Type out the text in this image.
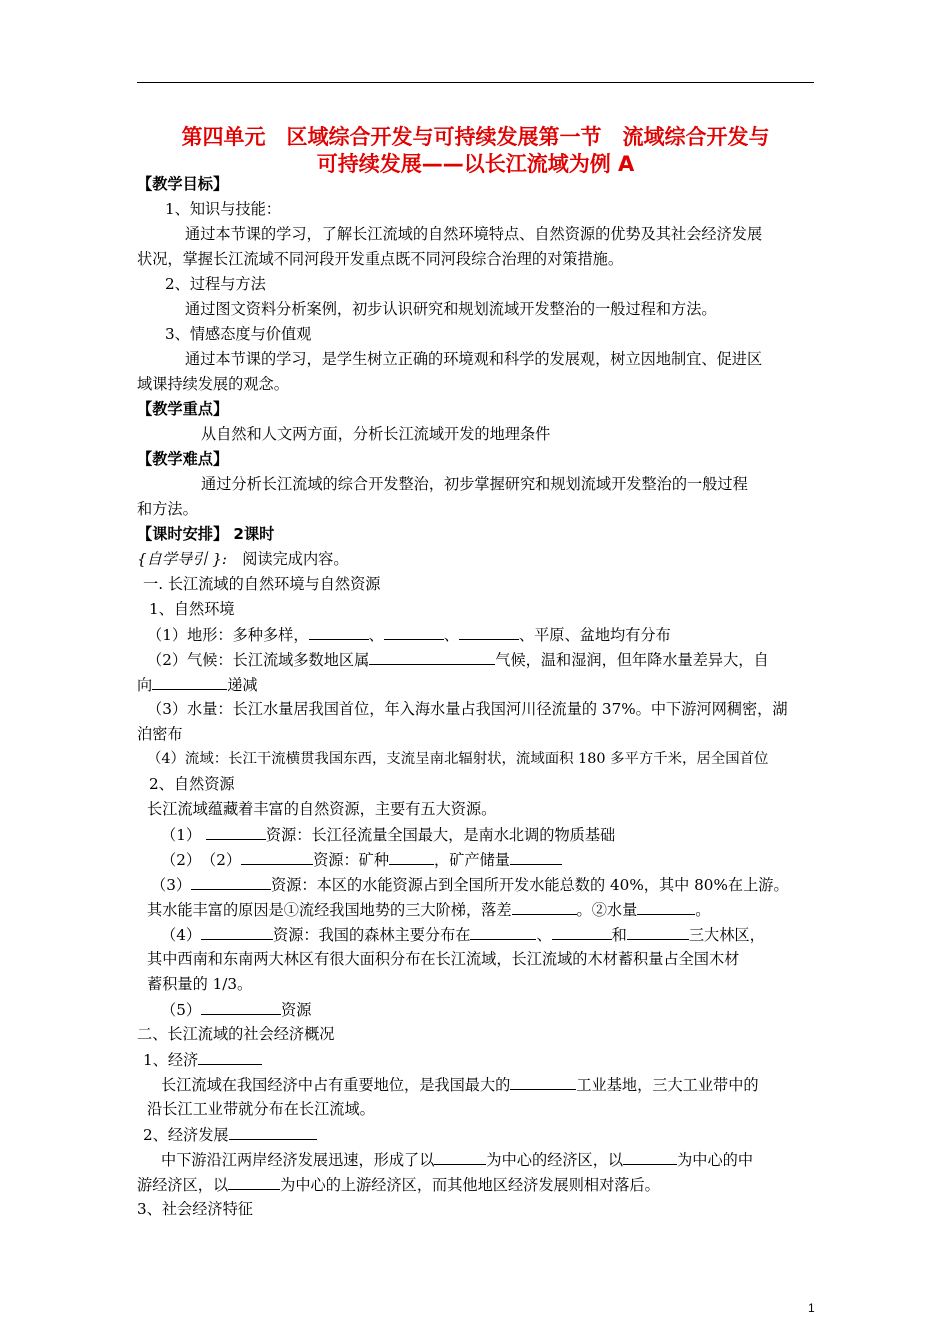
第四单元　区域综合开发与可持续发展第一节　流域综合开发与
可持续发展——以长江流域为例 A
【教学目标】
1、知识与技能：
通过本节课的学习，了解长江流域的自然环境特点、自然资源的优势及其社会经济发展
状况，掌握长江流域不同河段开发重点既不同河段综合治理的对策措施。
2、过程与方法
通过图文资料分析案例，初步认识研究和规划流域开发整治的一般过程和方法。
3、情感态度与价值观
通过本节课的学习，是学生树立正确的环境观和科学的发展观，树立因地制宜、促进区
域课持续发展的观念。
【教学重点】
从自然和人文两方面，分析长江流域开发的地理条件
【教学难点】
通过分析长江流域的综合开发整治，初步掌握研究和规划流域开发整治的一般过程
和方法。
【课时安排】 2课时
{自学导引 }:　 阅读完成内容。
一. 长江流域的自然环境与自然资源
1、自然环境
（1）地形：多种多样，	、	、	、平原、盆地均有分布
（2）气候：长江流域多数地区属	气候，温和湿润，但年降水量差异大，自
向	递减
（3）水量：长江水量居我国首位，年入海水量占我国河川径流量的 37%。中下游河网稠密，湖
泊密布
（4）流域：长江干流横贯我国东西，支流呈南北辐射状，流域面积 180 多平方千米，居全国首位
2、自然资源
长江流域蕴藏着丰富的自然资源，主要有五大资源。
（1）	资源：长江径流量全国最大，是南水北调的物质基础
（2）　（2）	资源：矿种	，矿产储量
（3）	资源：本区的水能资源占到全国所开发水能总数的 40%，其中 80%在上游。
其水能丰富的原因是①流经我国地势的三大阶梯，落差	。②水量	。
（4）	资源：我国的森林主要分布在	、	和	三大林区，
其中西南和东南两大林区有很大面积分布在长江流域，长江流域的木材蓄积量占全国木材
蓄积量的 1/3。
（5）	资源
二、长江流域的社会经济概况
1、经济
长江流域在我国经济中占有重要地位，是我国最大的	工业基地，三大工业带中的
沿长江工业带就分布在长江流域。
2、经济发展
中下游沿江两岸经济发展迅速，形成了以	为中心的经济区，以	为中心的中
游经济区，以	为中心的上游经济区，而其他地区经济发展则相对落后。
3、社会经济特征
1
